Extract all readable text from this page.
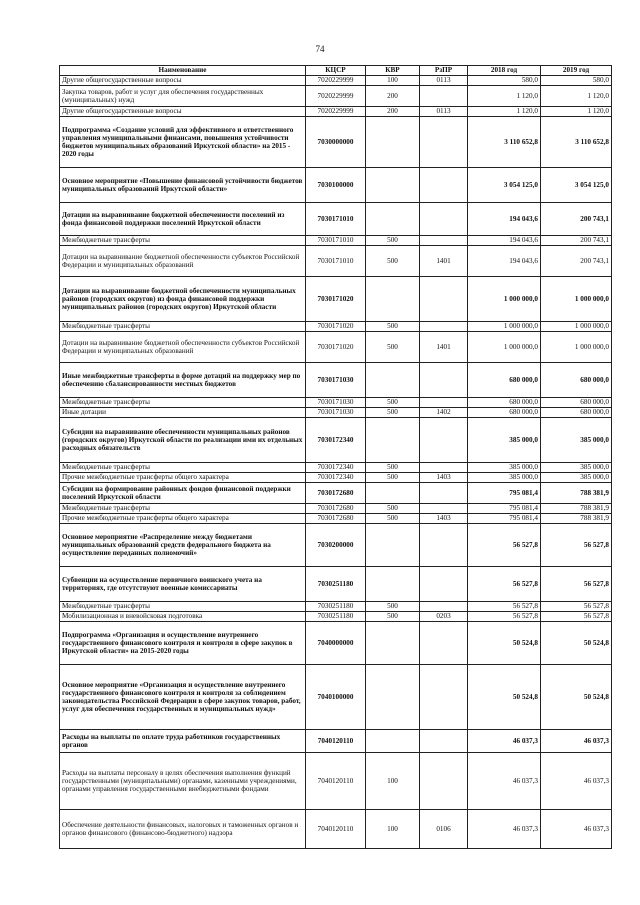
74
Наименование	КЦСР	КВР	РзПР	2018 год	2019 год
Другие общегосударственные вопросы	7020229999	100	0113	580,0	580,0
Закупка товаров, работ и услуг для обеспечения государственных (муниципальных) нужд	7020229999	200		1 120,0	1 120,0
Другие общегосударственные вопросы	7020229999	200	0113	1 120,0	1 120,0
Подпрограмма «Создание условий для эффективного и ответственного управления муниципальными финансами, повышения устойчивости бюджетов муниципальных образований Иркутской области» на 2015 - 2020 годы	7030000000			3 110 652,8	3 110 652,8
Основное мероприятие «Повышение финансовой устойчивости бюджетов муниципальных образований Иркутской области»	7030100000			3 054 125,0	3 054 125,0
Дотации на выравнивание бюджетной обеспеченности поселений из фонда финансовой поддержки поселений Иркутской области	7030171010			194 043,6	200 743,1
Межбюджетные трансферты	7030171010	500		194 043,6	200 743,1
Дотации на выравнивание бюджетной обеспеченности субъектов Российской Федерации и муниципальных образований	7030171010	500	1401	194 043,6	200 743,1
Дотации на выравнивание бюджетной обеспеченности муниципальных районов (городских округов) из фонда финансовой поддержки муниципальных районов (городских округов) Иркутской области	7030171020			1 000 000,0	1 000 000,0
Межбюджетные трансферты	7030171020	500		1 000 000,0	1 000 000,0
Дотации на выравнивание бюджетной обеспеченности субъектов Российской Федерации и муниципальных образований	7030171020	500	1401	1 000 000,0	1 000 000,0
Иные межбюджетные трансферты в форме дотаций на поддержку мер по обеспечению сбалансированности местных бюджетов	7030171030			680 000,0	680 000,0
Межбюджетные трансферты	7030171030	500		680 000,0	680 000,0
Иные дотации	7030171030	500	1402	680 000,0	680 000,0
Субсидии на выравнивание обеспеченности муниципальных районов (городских округов) Иркутской области по реализации ими их отдельных расходных обязательств	7030172340			385 000,0	385 000,0
Межбюджетные трансферты	7030172340	500		385 000,0	385 000,0
Прочие межбюджетные трансферты общего характера	7030172340	500	1403	385 000,0	385 000,0
Субсидии на формирование районных фондов финансовой поддержки поселений Иркутской области	7030172680			795 081,4	788 381,9
Межбюджетные трансферты	7030172680	500		795 081,4	788 381,9
Прочие межбюджетные трансферты общего характера	7030172680	500	1403	795 081,4	788 381,9
Основное мероприятие «Распределение между бюджетами муниципальных образований средств федерального бюджета на осуществление переданных полномочий»	7030200000			56 527,8	56 527,8
Субвенции на осуществление первичного воинского учета на территориях, где отсутствуют военные комиссариаты	7030251180			56 527,8	56 527,8
Межбюджетные трансферты	7030251180	500		56 527,8	56 527,8
Мобилизационная и вневойсковая подготовка	7030251180	500	0203	56 527,8	56 527,8
Подпрограмма «Организация и осуществление внутреннего государственного финансового контроля и контроля в сфере закупок в Иркутской области» на 2015-2020 годы	7040000000			50 524,8	50 524,8
Основное мероприятие «Организация и осуществление внутреннего государственного финансового контроля и контроля за соблюдением законодательства Российской Федерации в сфере закупок товаров, работ, услуг для обеспечения государственных и муниципальных нужд»	7040100000			50 524,8	50 524,8
Расходы на выплаты по оплате труда работников государственных органов	7040120110			46 037,3	46 037,3
Расходы на выплаты персоналу в целях обеспечения выполнения функций государственными (муниципальными) органами, казенными учреждениями, органами управления государственными внебюджетными фондами	7040120110	100		46 037,3	46 037,3
Обеспечение деятельности финансовых, налоговых и таможенных органов и органов финансового (финансово-бюджетного) надзора	7040120110	100	0106	46 037,3	46 037,3
